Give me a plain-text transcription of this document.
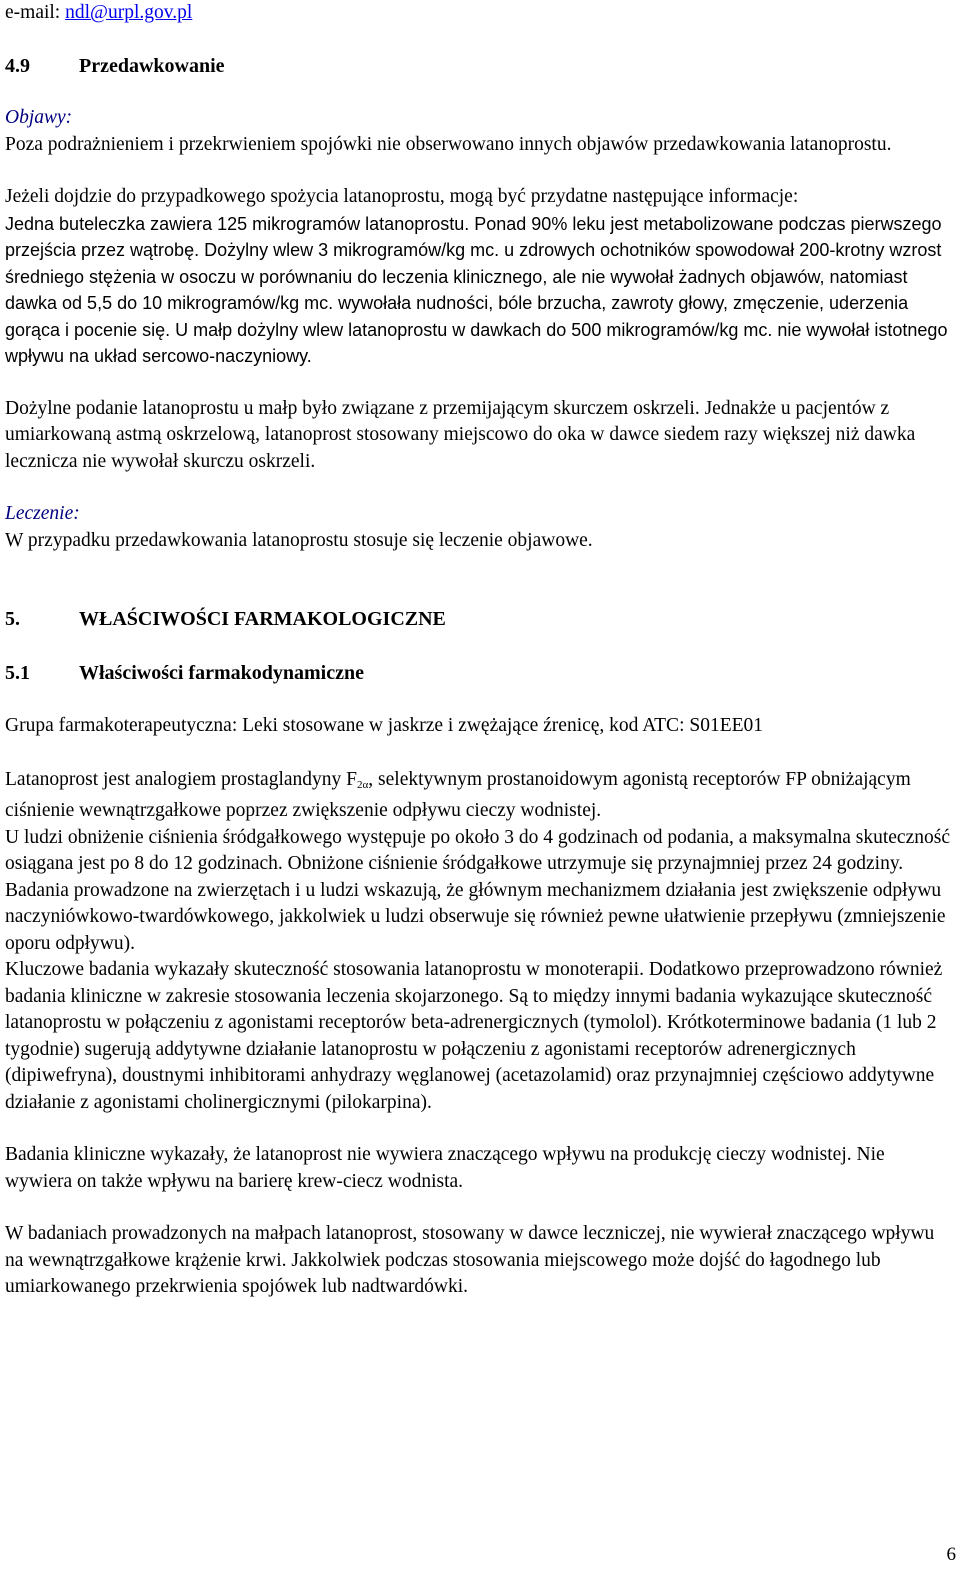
e-mail: ndl@urpl.gov.pl

4.9	Przedawkowanie

Objawy:

Poza podrażnieniem i przekrwieniem spojówki nie obserwowano innych objawów przedawkowania latanoprostu.

Jeżeli dojdzie do przypadkowego spożycia latanoprostu, mogą być przydatne następujące informacje:

Jedna buteleczka zawiera 125 mikrogramów latanoprostu. Ponad 90% leku jest metabolizowane podczas pierwszego przejścia przez wątrobę. Dożylny wlew 3 mikrogramów/kg mc. u zdrowych ochotników spowodował 200-krotny wzrost średniego stężenia w osoczu w porównaniu do leczenia klinicznego, ale nie wywołał żadnych objawów, natomiast dawka od 5,5 do 10 mikrogramów/kg mc. wywołała nudności, bóle brzucha, zawroty głowy, zmęczenie, uderzenia gorąca i pocenie się. U małp dożylny wlew latanoprostu w dawkach do 500 mikrogramów/kg mc. nie wywołał istotnego wpływu na układ sercowo-naczyniowy.

Dożylne podanie latanoprostu u małp było związane z przemijającym skurczem oskrzeli. Jednakże u pacjentów z umiarkowaną astmą oskrzelową, latanoprost stosowany miejscowo do oka w dawce siedem razy większej niż dawka lecznicza nie wywołał skurczu oskrzeli.

Leczenie:

W przypadku przedawkowania latanoprostu stosuje się leczenie objawowe.

5.	WŁAŚCIWOŚCI FARMAKOLOGICZNE
5.1	Właściwości farmakodynamiczne

Grupa farmakoterapeutyczna: Leki stosowane w jaskrze i zwężające źrenicę, kod ATC: S01EE01

Latanoprost jest analogiem prostaglandyny $F_{2\alpha}$, selektywnym prostanoidowym agonistą receptorów FP obniżającym ciśnienie wewnątrzgałkowe poprzez zwiększenie odpływu cieczy wodnistej.

U ludzi obniżenie ciśnienia śródgałkowego występuje po około 3 do 4 godzinach od podania, a maksymalna skuteczność osiągana jest po 8 do 12 godzinach. Obniżone ciśnienie śródgałkowe utrzymuje się przynajmniej przez 24 godziny.

Badania prowadzone na zwierzętach i u ludzi wskazują, że głównym mechanizmem działania jest zwiększenie odpływu naczyniówkowo-twardówkowego, jakkolwiek u ludzi obserwuje się również pewne ułatwienie przepływu (zmniejszenie oporu odpływu).

Kluczowe badania wykazały skuteczność stosowania latanoprostu w monoterapii. Dodatkowo przeprowadzono również badania kliniczne w zakresie stosowania leczenia skojarzonego. Są to między innymi badania wykazujące skuteczność latanoprostu w połączeniu z agonistami receptorów beta-adrenergicznych (tymolol). Krótkoterminowe badania (1 lub 2 tygodnie) sugerują addytywne działanie latanoprostu w połączeniu z agonistami receptorów adrenergicznych (dipiwefryna), doustnymi inhibitorami anhydrazy węglanowej (acetazolamid) oraz przynajmniej częściowo addytywne działanie z agonistami cholinergicznymi (pilokarpina).

Badania kliniczne wykazały, że latanoprost nie wywiera znaczącego wpływu na produkcję cieczy wodnistej. Nie wywiera on także wpływu na barierę krew-ciecz wodnista.

W badaniach prowadzonych na małpach latanoprost, stosowany w dawce leczniczej, nie wywierał znaczącego wpływu na wewnątrzgałkowe krążenie krwi. Jakkolwiek podczas stosowania miejscowego może dojść do łagodnego lub umiarkowanego przekrwienia spojówek lub nadtwardówki.

6
